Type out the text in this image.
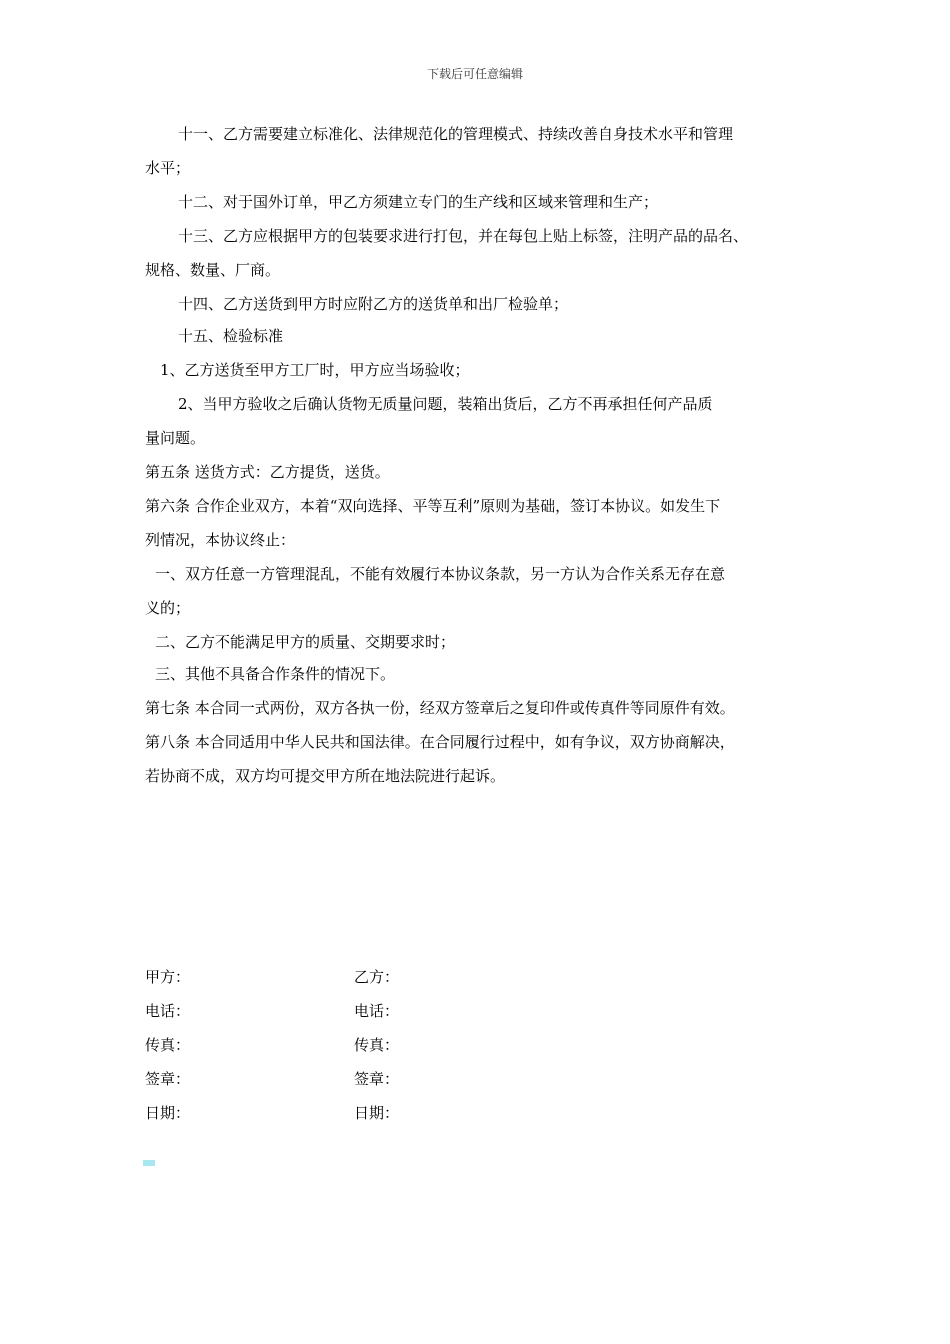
下载后可任意编辑
十一、乙方需要建立标准化、法律规范化的管理模式、持续改善自身技术水平和管理
水平；
十二、对于国外订单，甲乙方须建立专门的生产线和区域来管理和生产；
十三、乙方应根据甲方的包装要求进行打包，并在每包上贴上标签，注明产品的品名、
规格、数量、厂商。
十四、乙方送货到甲方时应附乙方的送货单和出厂检验单；
十五、检验标准
1、乙方送货至甲方工厂时，甲方应当场验收；
2、当甲方验收之后确认货物无质量问题，装箱出货后，乙方不再承担任何产品质
量问题。
第五条 送货方式：乙方提货，送货。
第六条 合作企业双方，本着“双向选择、平等互利”原则为基础，签订本协议。如发生下
列情况，本协议终止：
一、双方任意一方管理混乱，不能有效履行本协议条款，另一方认为合作关系无存在意
义的；
二、乙方不能满足甲方的质量、交期要求时；
三、其他不具备合作条件的情况下。
第七条 本合同一式两份，双方各执一份，经双方签章后之复印件或传真件等同原件有效。
第八条 本合同适用中华人民共和国法律。在合同履行过程中，如有争议，双方协商解决，
若协商不成，双方均可提交甲方所在地法院进行起诉。
甲方：
电话：
传真：
签章：
日期：
乙方：
电话：
传真：
签章：
日期：
